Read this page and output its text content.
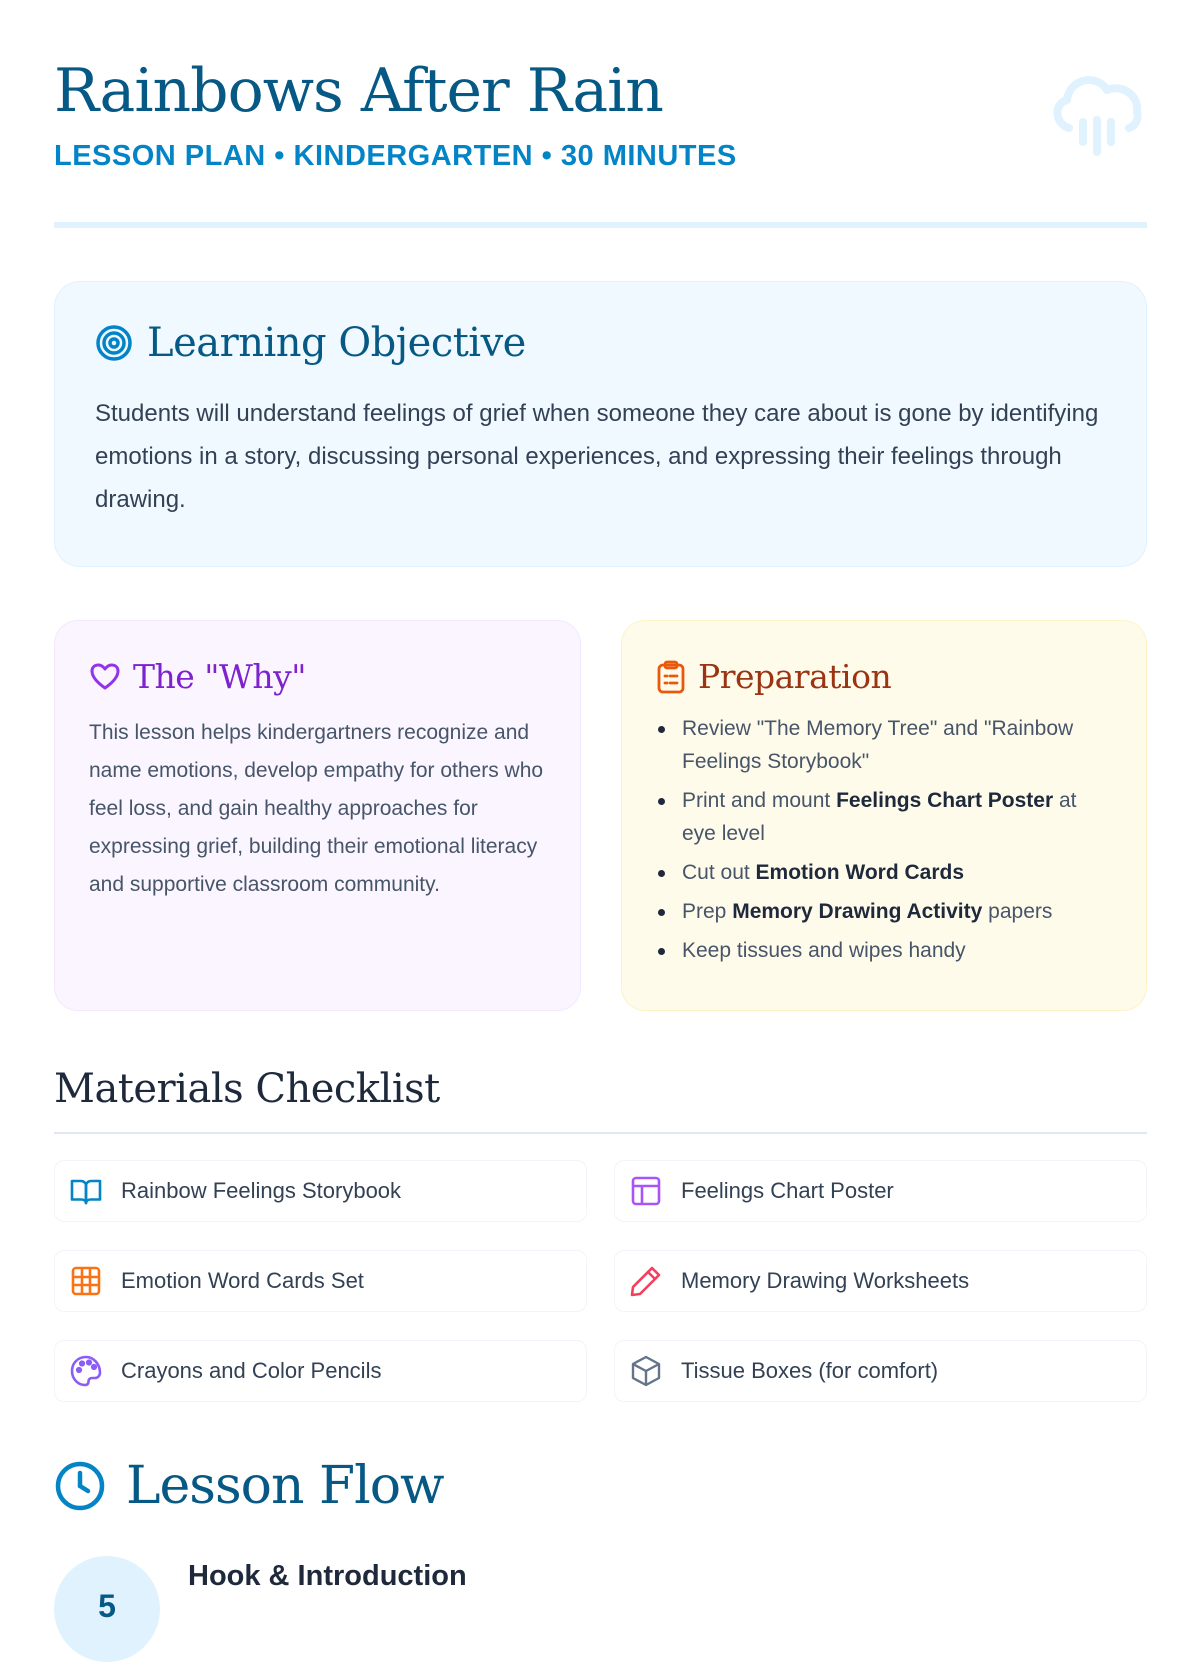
Rainbows After Rain
LESSON PLAN • KINDERGARTEN • 30 MINUTES
Learning Objective

Students will understand feelings of grief when someone they care about is gone by identifying emotions in a story, discussing personal experiences, and expressing their feelings through drawing.

The "Why"

This lesson helps kindergartners recognize and name emotions, develop empathy for others who feel loss, and gain healthy approaches for expressing grief, building their emotional literacy and supportive classroom community.

Preparation
Review "The Memory Tree" and "Rainbow Feelings Storybook"
Print and mount Feelings Chart Poster at eye level
Cut out Emotion Word Cards
Prep Memory Drawing Activity papers
Keep tissues and wipes handy
Materials Checklist
Rainbow Feelings Storybook	Feelings Chart Poster
Emotion Word Cards Set	Memory Drawing Worksheets
Crayons and Color Pencils	Tissue Boxes (for comfort)
Lesson Flow
5
Hook & Introduction
